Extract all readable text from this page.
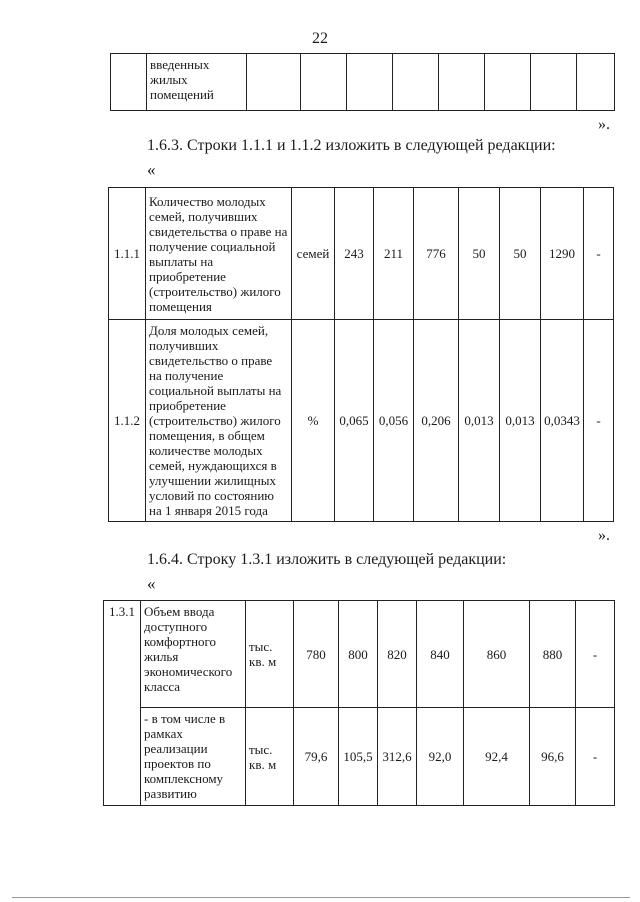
22
	введенных жилых помещений								
».
1.6.3. Строки 1.1.1 и 1.1.2 изложить в следующей редакции:
«
1.1.1	Количество молодых семей, получивших свидетельства о праве на получение социальной выплаты на приобретение (строительство) жилого помещения	семей	243	211	776	50	50	1290	-
1.1.2	Доля молодых семей, получивших свидетельство о праве на получение социальной выплаты на приобретение (строительство) жилого помещения, в общем количестве молодых семей, нуждающихся в улучшении жилищных условий по состоянию на 1 января 2015 года	%	0,065	0,056	0,206	0,013	0,013	0,0343	-
».
1.6.4. Строку 1.3.1 изложить в следующей редакции:
«
1.3.1	Объем ввода доступного комфортного жилья экономического класса	тыс. кв. м	780	800	820	840	860	880	-
	- в том числе в рамках реализации проектов по комплексному развитию	тыс. кв. м	79,6	105,5	312,6	92,0	92,4	96,6	-
